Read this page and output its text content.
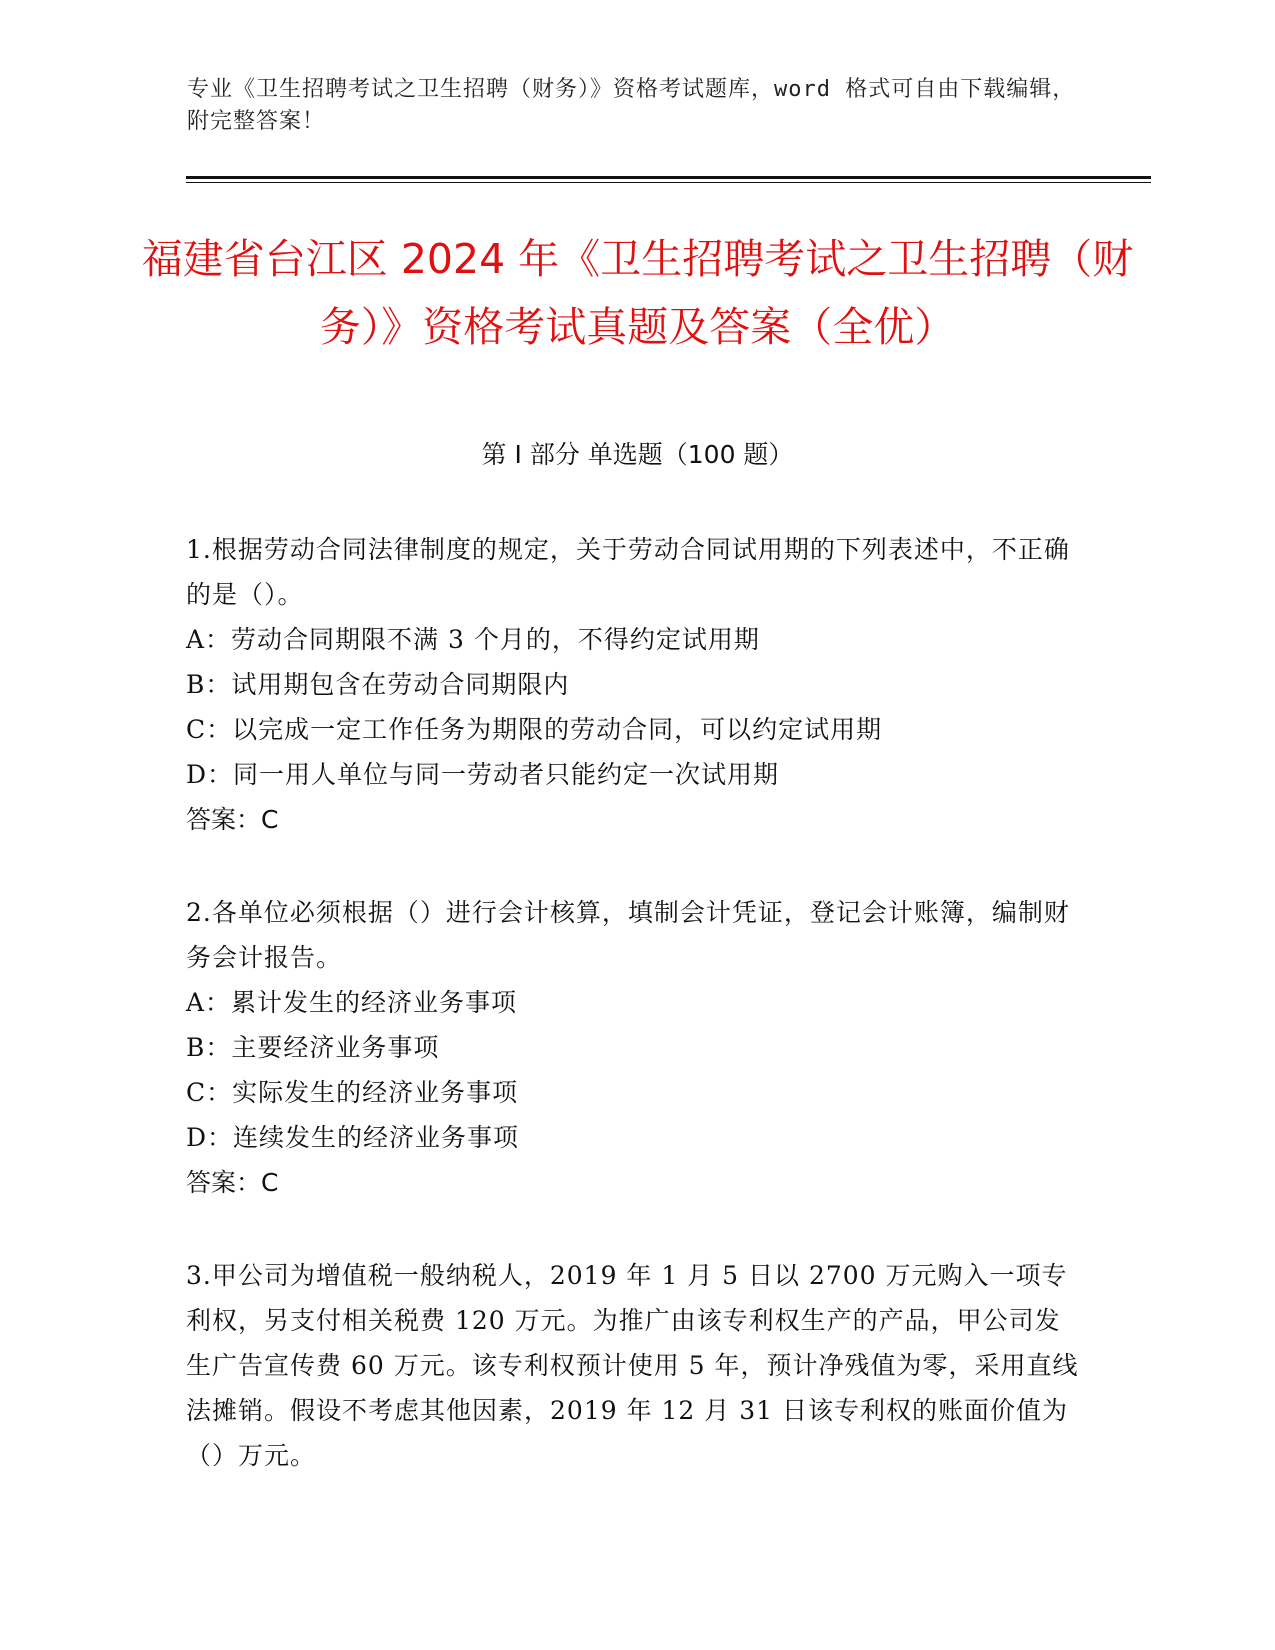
专业《卫生招聘考试之卫生招聘（财务）》资格考试题库，word 格式可自由下载编辑，附完整答案！
福建省台江区 2024 年《卫生招聘考试之卫生招聘（财务）》资格考试真题及答案（全优）
第 I 部分 单选题（100 题）

1.根据劳动合同法律制度的规定，关于劳动合同试用期的下列表述中，不正确的是（）。

A：劳动合同期限不满 3 个月的，不得约定试用期

B：试用期包含在劳动合同期限内

C：以完成一定工作任务为期限的劳动合同，可以约定试用期

D：同一用人单位与同一劳动者只能约定一次试用期

答案：C

2.各单位必须根据（）进行会计核算，填制会计凭证，登记会计账簿，编制财务会计报告。

A：累计发生的经济业务事项

B：主要经济业务事项

C：实际发生的经济业务事项

D：连续发生的经济业务事项

答案：C

3.甲公司为增值税一般纳税人，2019 年 1 月 5 日以 2700 万元购入一项专利权，另支付相关税费 120 万元。为推广由该专利权生产的产品，甲公司发生广告宣传费 60 万元。该专利权预计使用 5 年，预计净残值为零，采用直线法摊销。假设不考虑其他因素，2019 年 12 月 31 日该专利权的账面价值为（）万元。
